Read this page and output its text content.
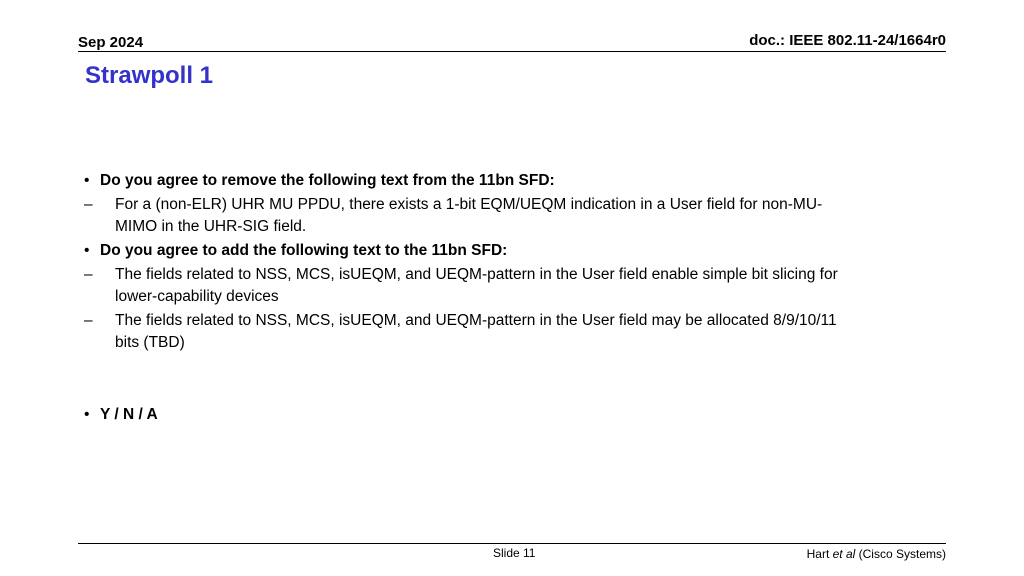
Sep 2024	doc.: IEEE 802.11-24/1664r0
Strawpoll 1
• Do you agree to remove the following text from the 11bn SFD:
– For a (non-ELR) UHR MU PPDU, there exists a 1-bit EQM/UEQM indication in a User field for non-MU-
MIMO in the UHR-SIG field.
• Do you agree to add the following text to the 11bn SFD:
– The fields related to NSS, MCS, isUEQM, and UEQM-pattern in the User field enable simple bit slicing for
lower-capability devices
– The fields related to NSS, MCS, isUEQM, and UEQM-pattern in the User field may be allocated 8/9/10/11
bits (TBD)
• Y / N / A
Slide 11	Hart et al (Cisco Systems)
